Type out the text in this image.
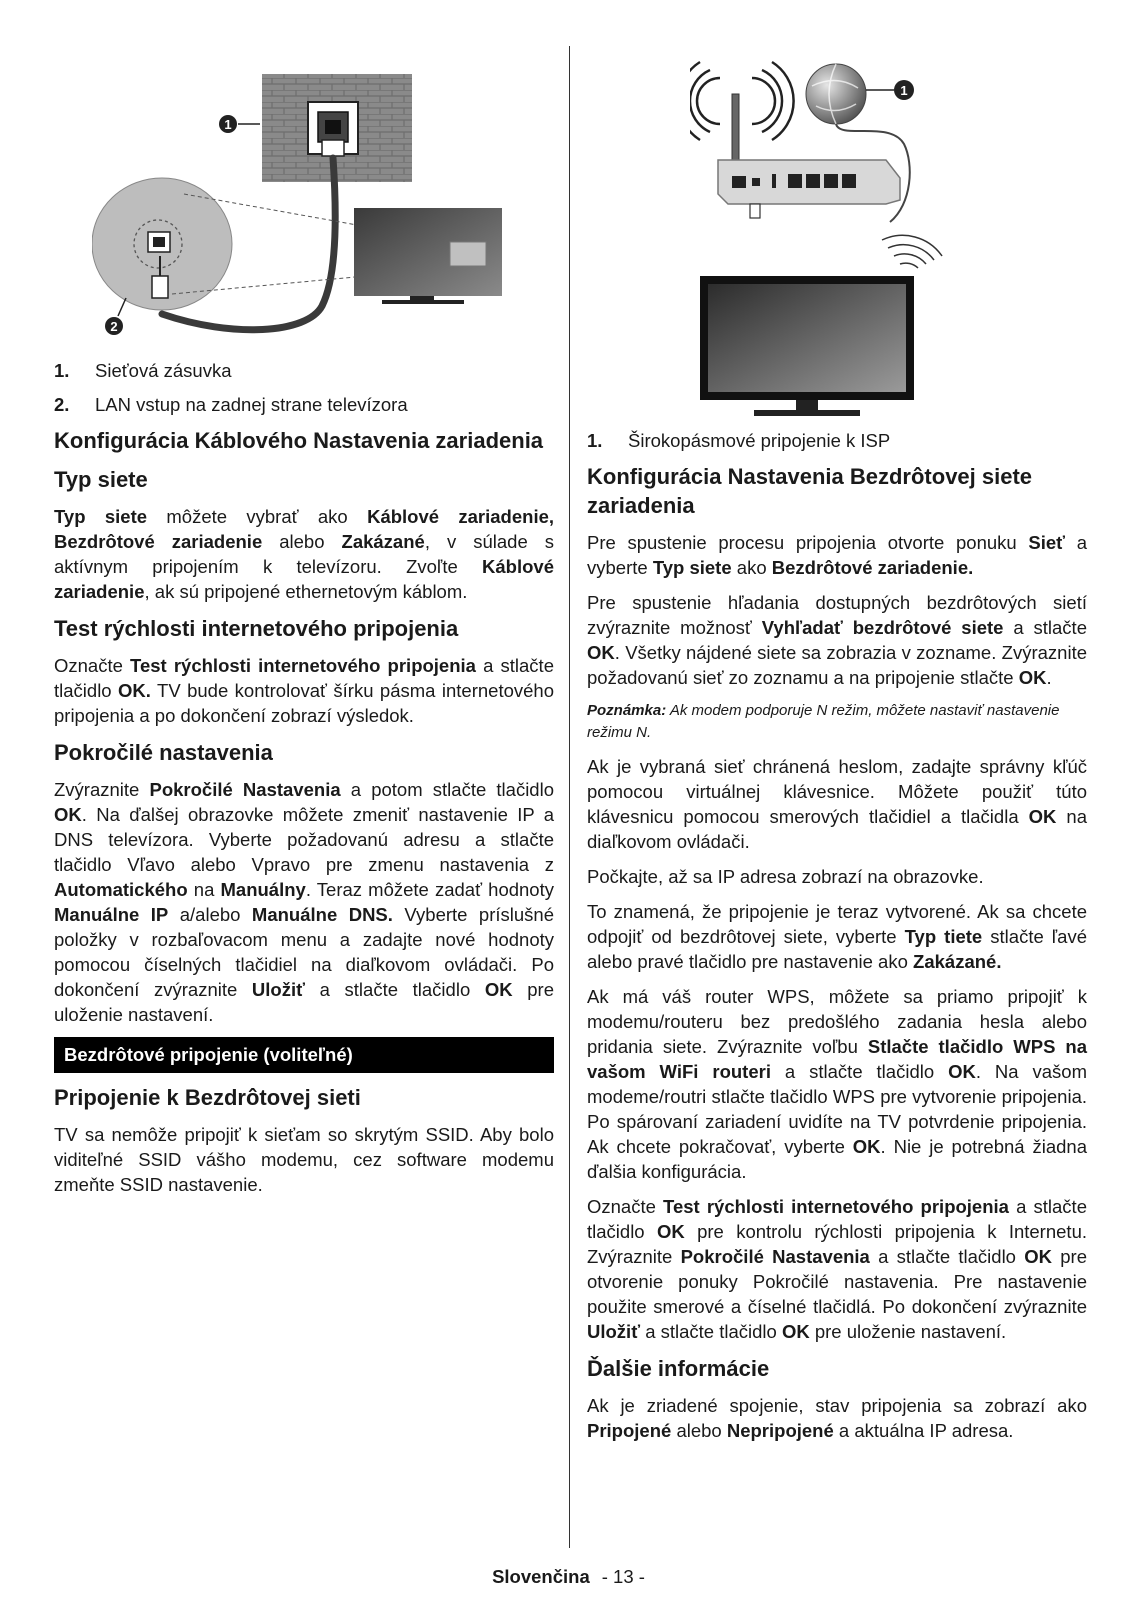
1
2
1
1. Sieťová zásuvka
2. LAN vstup na zadnej strane televízora
Konfigurácia Káblového Nastavenia zariadenia
Typ siete

Typ siete môžete vybrať ako Káblové zariadenie, Bezdrôtové zariadenie alebo Zakázané, v súlade s aktívnym pripojením k televízoru. Zvoľte Káblové zariadenie, ak sú pripojené ethernetovým káblom.

Test rýchlosti internetového pripojenia

Označte Test rýchlosti internetového pripojenia a stlačte tlačidlo OK. TV bude kontrolovať šírku pásma internetového pripojenia a po dokončení zobrazí výsledok.

Pokročilé nastavenia

Zvýraznite Pokročilé Nastavenia a potom stlačte tlačidlo OK. Na ďalšej obrazovke môžete zmeniť nastavenie IP a DNS televízora. Vyberte požadovanú adresu a stlačte tlačidlo Vľavo alebo Vpravo pre zmenu nastavenia z Automatického na Manuálny. Teraz môžete zadať hodnoty Manuálne IP a/alebo Manuálne DNS. Vyberte príslušné položky v rozbaľovacom menu a zadajte nové hodnoty pomocou číselných tlačidiel na diaľkovom ovládači. Po dokončení zvýraznite Uložiť a stlačte tlačidlo OK pre uloženie nastavení.

Bezdrôtové pripojenie (voliteľné)
Pripojenie k Bezdrôtovej sieti

TV sa nemôže pripojiť k sieťam so skrytým SSID. Aby bolo viditeľné SSID vášho modemu, cez software modemu zmeňte SSID nastavenie.

1. Širokopásmové pripojenie k ISP
Konfigurácia Nastavenia Bezdrôtovej siete zariadenia

Pre spustenie procesu pripojenia otvorte ponuku Sieť a vyberte Typ siete ako Bezdrôtové zariadenie.

Pre spustenie hľadania dostupných bezdrôtových sietí zvýraznite možnosť Vyhľadať bezdrôtové siete a stlačte OK. Všetky nájdené siete sa zobrazia v zozname. Zvýraznite požadovanú sieť zo zoznamu a na pripojenie stlačte OK.

Poznámka: Ak modem podporuje N režim, môžete nastaviť nastavenie režimu N.

Ak je vybraná sieť chránená heslom, zadajte správny kľúč pomocou virtuálnej klávesnice. Môžete použiť túto klávesnicu pomocou smerových tlačidiel a tlačidla OK na diaľkovom ovládači.

Počkajte, až sa IP adresa zobrazí na obrazovke.

To znamená, že pripojenie je teraz vytvorené. Ak sa chcete odpojiť od bezdrôtovej siete, vyberte Typ tiete stlačte ľavé alebo pravé tlačidlo pre nastavenie ako Zakázané.

Ak má váš router WPS, môžete sa priamo pripojiť k modemu/routeru bez predošlého zadania hesla alebo pridania siete. Zvýraznite voľbu Stlačte tlačidlo WPS na vašom WiFi routeri a stlačte tlačidlo OK. Na vašom modeme/routri stlačte tlačidlo WPS pre vytvorenie pripojenia. Po spárovaní zariadení uvidíte na TV potvrdenie pripojenia. Ak chcete pokračovať, vyberte OK. Nie je potrebná žiadna ďalšia konfigurácia.

Označte Test rýchlosti internetového pripojenia a stlačte tlačidlo OK pre kontrolu rýchlosti pripojenia k Internetu. Zvýraznite Pokročilé Nastavenia a stlačte tlačidlo OK pre otvorenie ponuky Pokročilé nastavenia. Pre nastavenie použite smerové a číselné tlačidlá. Po dokončení zvýraznite Uložiť a stlačte tlačidlo OK pre uloženie nastavení.

Ďalšie informácie

Ak je zriadené spojenie, stav pripojenia sa zobrazí ako Pripojené alebo Nepripojené a aktuálna IP adresa.

Slovenčina - 13 -
